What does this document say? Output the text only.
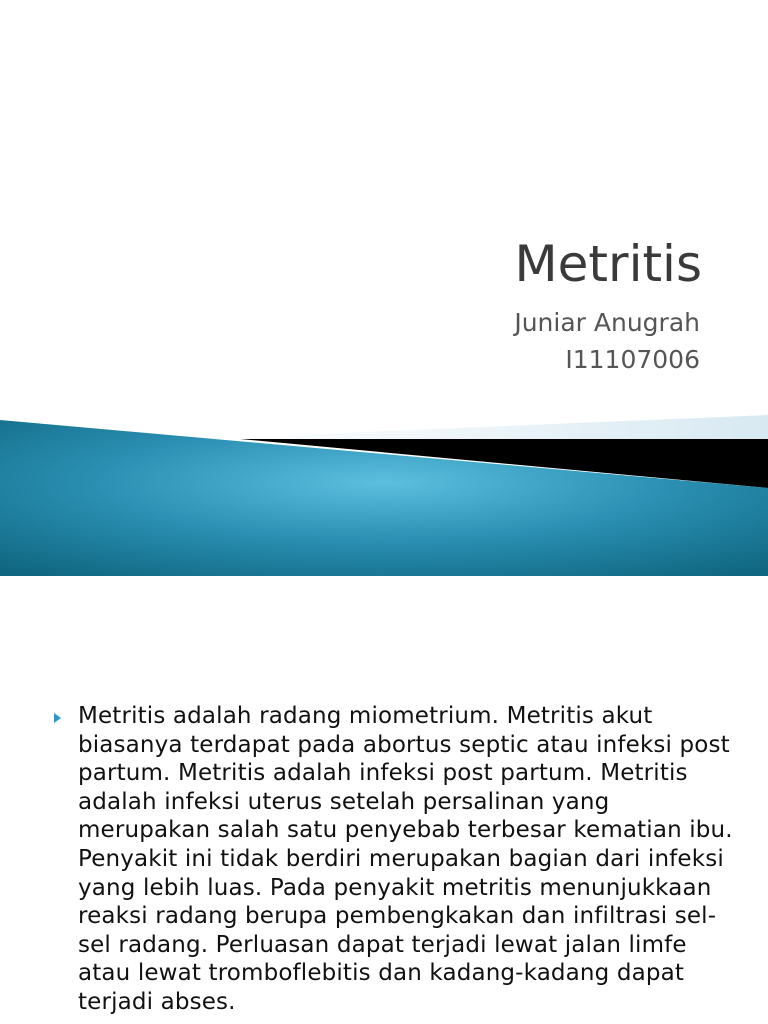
Metritis
Juniar Anugrah
I11107006

Metritis adalah radang miometrium. Metritis akut biasanya terdapat pada abortus septic atau infeksi post partum. Metritis adalah infeksi post partum. Metritis adalah infeksi uterus setelah persalinan yang merupakan salah satu penyebab terbesar kematian ibu. Penyakit ini tidak berdiri merupakan bagian dari infeksi yang lebih luas. Pada penyakit metritis menunjukkaan reaksi radang berupa pembengkakan dan infiltrasi sel-sel radang. Perluasan dapat terjadi lewat jalan limfe atau lewat tromboflebitis dan kadang-kadang dapat terjadi abses.
